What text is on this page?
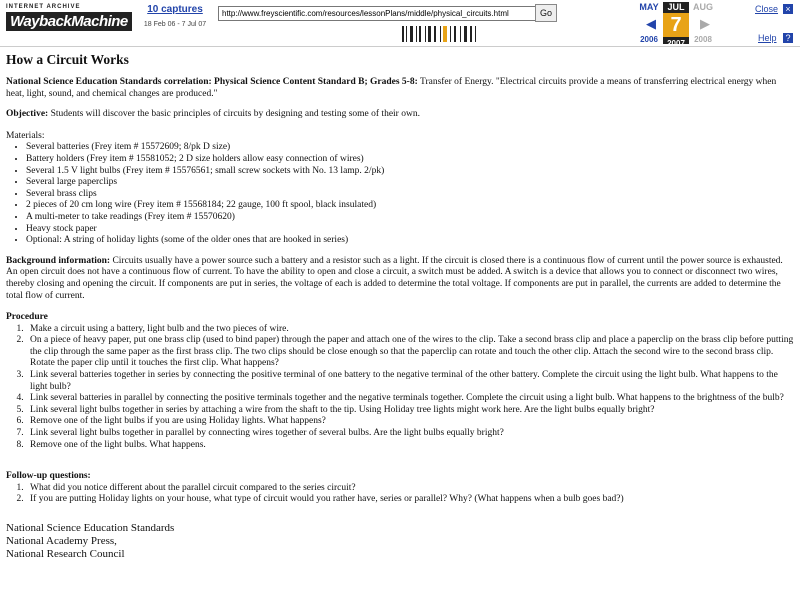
INTERNET ARCHIVE
WaybackMachine
10 captures
18 Feb 06 - 7 Jul 07
http://www.freyscientific.com/resources/lessonPlans/middle/physical_circuits.html	Go
MAY
2006
◀
JUL
7
2007
▶
AUG
2008
Close ×
Help ?
How a Circuit Works

National Science Education Standards correlation: Physical Science Content Standard B; Grades 5-8: Transfer of Energy. "Electrical circuits provide a means of transferring electrical energy when heat, light, sound, and chemical changes are produced."

Objective: Students will discover the basic principles of circuits by designing and testing some of their own.

Materials:
• Several batteries (Frey item # 15572609; 8/pk D size)
• Battery holders (Frey item # 15581052; 2 D size holders allow easy connection of wires)
• Several 1.5 V light bulbs (Frey item # 15576561; small screw sockets with No. 13 lamp. 2/pk)
• Several large paperclips
• Several brass clips
• 2 pieces of 20 cm long wire (Frey item # 15568184; 22 gauge, 100 ft spool, black insulated)
• A multi-meter to take readings (Frey item # 15570620)
• Heavy stock paper
• Optional: A string of holiday lights (some of the older ones that are hooked in series)

Background information: Circuits usually have a power source such a battery and a resistor such as a light. If the circuit is closed there is a continuous flow of current until the power source is exhausted. An open circuit does not have a continuous flow of current. To have the ability to open and close a circuit, a switch must be added. A switch is a device that allows you to connect or disconnect two wires, thereby closing and opening the circuit. If components are put in series, the voltage of each is added to determine the total voltage. If components are put in parallel, the currents are added to determine the total flow of current.

Procedure
1. Make a circuit using a battery, light bulb and the two pieces of wire.
2. On a piece of heavy paper, put one brass clip (used to bind paper) through the paper and attach one of the wires to the clip. Take a second brass clip and place a paperclip on the brass clip before putting the clip through the same paper as the first brass clip. The two clips should be close enough so that the paperclip can rotate and touch the other clip. Attach the second wire to the second brass clip. Rotate the paper clip until it touches the first clip. What happens?
3. Link several batteries together in series by connecting the positive terminal of one battery to the negative terminal of the other battery. Complete the circuit using the light bulb. What happens to the light bulb?
4. Link several batteries in parallel by connecting the positive terminals together and the negative terminals together. Complete the circuit using a light bulb. What happens to the brightness of the bulb?
5. Link several light bulbs together in series by attaching a wire from the shaft to the tip. Using Holiday tree lights might work here. Are the light bulbs equally bright?
6. Remove one of the light bulbs if you are using Holiday lights. What happens?
7. Link several light bulbs together in parallel by connecting wires together of several bulbs. Are the light bulbs equally bright?
8. Remove one of the light bulbs. What happens.
Follow-up questions:
1. What did you notice different about the parallel circuit compared to the series circuit?
2. If you are putting Holiday lights on your house, what type of circuit would you rather have, series or parallel? Why? (What happens when a bulb goes bad?)
National Science Education Standards
National Academy Press,
National Research Council
